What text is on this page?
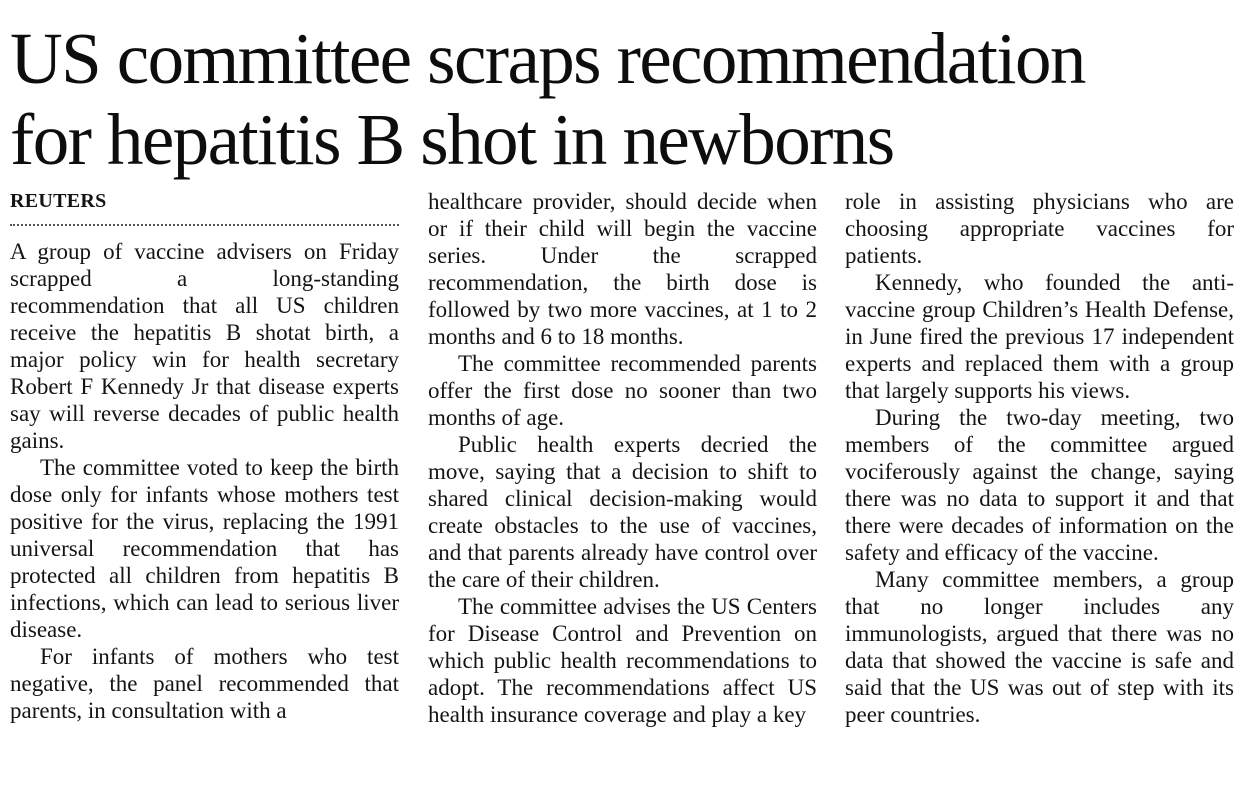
US committee scraps recommendation
for hepatitis B shot in newborns
REUTERS

A group of vaccine advisers on Friday scrapped a long-standing recommendation that all US children receive the hepatitis B shotat birth, a major policy win for health secretary Robert F Kennedy Jr that disease experts say will reverse decades of public health gains.

The committee voted to keep the birth dose only for infants whose mothers test positive for the virus, replacing the 1991 universal recommendation that has protected all children from hepatitis B infections, which can lead to serious liver disease.

For infants of mothers who test negative, the panel recommended that parents, in consultation with a

healthcare provider, should decide when or if their child will begin the vaccine series. Under the scrapped recommendation, the birth dose is followed by two more vaccines, at 1 to 2 months and 6 to 18 months.

The committee recommended parents offer the first dose no sooner than two months of age.

Public health experts decried the move, saying that a decision to shift to shared clinical decision-making would create obstacles to the use of vaccines, and that parents already have control over the care of their children.

The committee advises the US Centers for Disease Control and Prevention on which public health recommendations to adopt. The recommendations affect US health insurance coverage and play a key

role in assisting physicians who are choosing appropriate vaccines for patients.

Kennedy, who founded the anti-vaccine group Children’s Health Defense, in June fired the previous 17 independent experts and replaced them with a group that largely supports his views.

During the two-day meeting, two members of the committee argued vociferously against the change, saying there was no data to support it and that there were decades of information on the safety and efficacy of the vaccine.

Many committee members, a group that no longer includes any immunologists, argued that there was no data that showed the vaccine is safe and said that the US was out of step with its peer countries.
